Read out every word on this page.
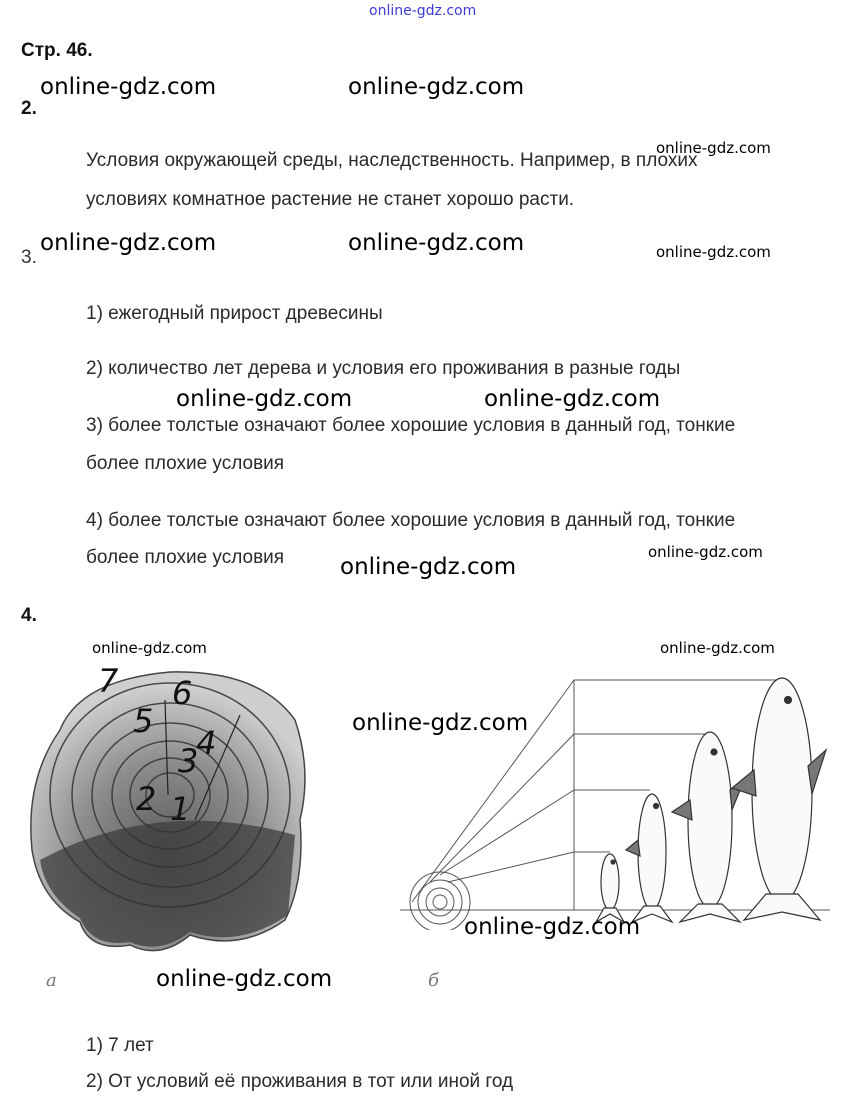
online-gdz.com
Стр. 46.
2.
online-gdz.com	online-gdz.com
online-gdz.com
Условия окружающей среды, наследственность. Например, в плохих
условиях комнатное растение не станет хорошо расти.
3.
online-gdz.com	online-gdz.com	online-gdz.com
1) ежегодный прирост древесины
2) количество лет дерева и условия его проживания в разные годы
online-gdz.com	online-gdz.com
3) более толстые означают более хорошие условия в данный год, тонкие
более плохие условия
4) более толстые означают более хорошие условия в данный год, тонкие
более плохие условия	online-gdz.com
online-gdz.com
4.
online-gdz.com	online-gdz.com
7 6
5
4
3
2 1
online-gdz.com
online-gdz.com
online-gdz.com
а	б
1) 7 лет
2) От условий её проживания в тот или иной год
